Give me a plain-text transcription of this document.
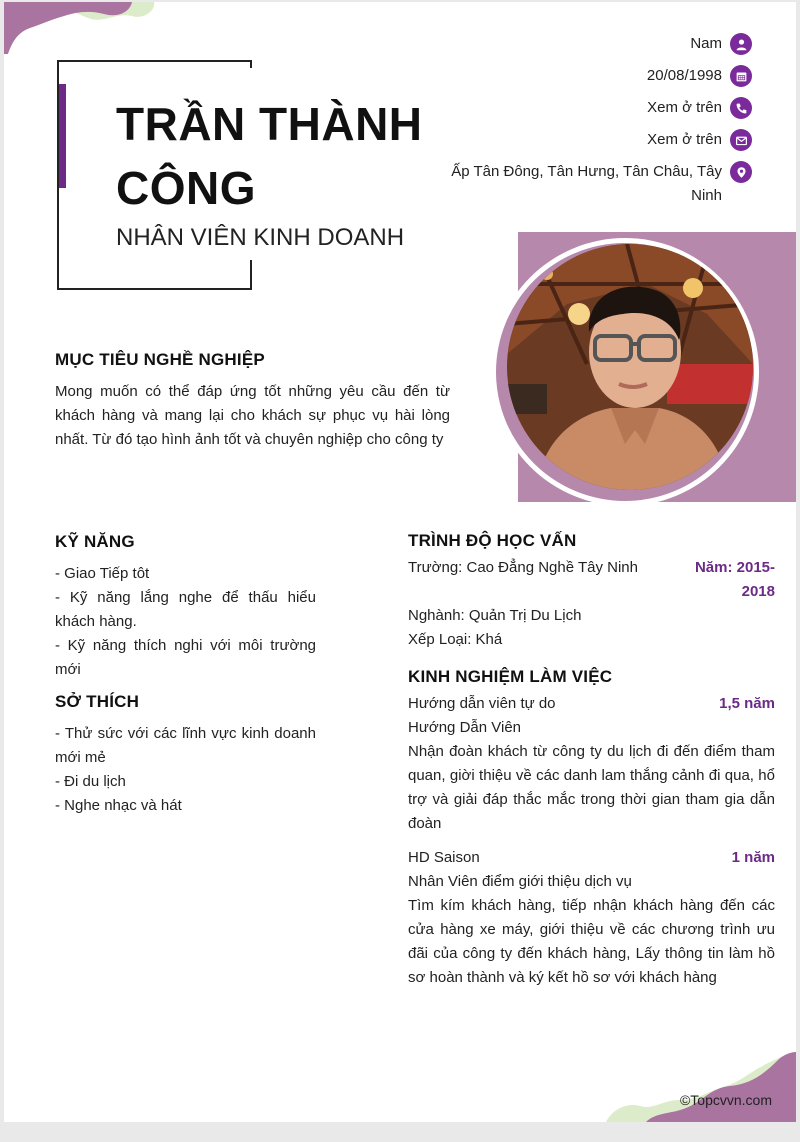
TRẦN THÀNH CÔNG
NHÂN VIÊN KINH DOANH
Nam
20/08/1998
Xem ở trên
Xem ở trên
Ấp Tân Đông, Tân Hưng, Tân Châu, Tây Ninh
MỤC TIÊU NGHỀ NGHIỆP
Mong muốn có thể đáp ứng tốt những yêu cầu đến từ khách hàng và mang lại cho khách sự phục vụ hài lòng nhất. Từ đó tạo hình ảnh tốt và chuyên nghiệp cho công ty
KỸ NĂNG
- Giao Tiếp tôt
- Kỹ năng lắng nghe để thấu hiểu khách hàng.
- Kỹ năng thích nghi với môi trường mới
SỞ THÍCH
- Thử sức với các lĩnh vực kinh doanh mới mẻ
- Đi du lịch
- Nghe nhạc và hát
TRÌNH ĐỘ HỌC VẤN
Trường: Cao Đẳng Nghề Tây Ninh	Năm: 2015-2018
Nghành: Quản Trị Du Lịch
Xếp Loại: Khá
KINH NGHIỆM LÀM VIỆC
Hướng dẫn viên tự do	1,5 năm
Hướng Dẫn Viên
Nhận đoàn khách từ công ty du lịch đi đến điểm tham quan, giời thiệu về các danh lam thắng cảnh đi qua, hổ trợ và giải đáp thắc mắc trong thời gian tham gia dẫn đoàn
HD Saison	1 năm
Nhân Viên điểm giới thiệu dịch vụ
Tìm kím khách hàng, tiếp nhận khách hàng đến các cửa hàng xe máy, giới thiệu về các chương trình ưu đãi của công ty đến khách hàng, Lấy thông tin làm hồ sơ hoàn thành và ký kết hồ sơ với khách hàng
©Topcvvn.com
